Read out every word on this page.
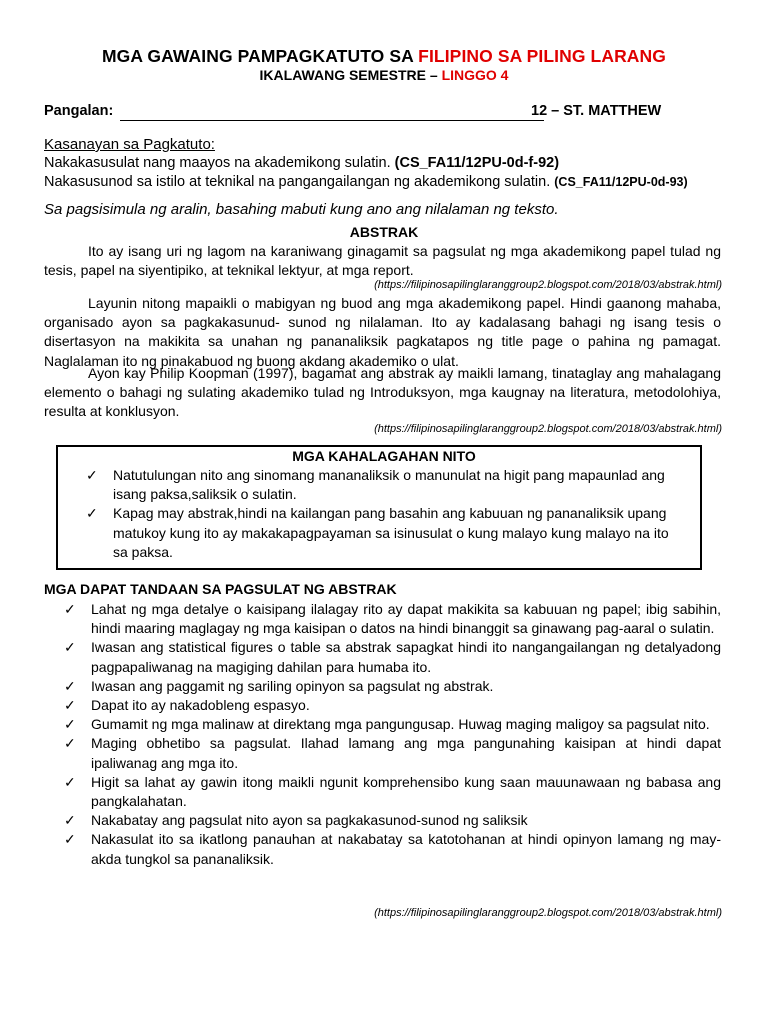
MGA GAWAING PAMPAGKATUTO SA FILIPINO SA PILING LARANG
IKALAWANG SEMESTRE – LINGGO 4
Pangalan:	12 – ST. MATTHEW
Kasanayan sa Pagkatuto:
Nakakasusulat nang maayos na akademikong sulatin. (CS_FA11/12PU-0d-f-92)
Nakasusunod sa istilo at teknikal na pangangailangan ng akademikong sulatin. (CS_FA11/12PU-0d-93)
Sa pagsisimula ng aralin, basahing mabuti kung ano ang nilalaman ng teksto.
ABSTRAK

Ito ay isang uri ng lagom na karaniwang ginagamit sa pagsulat ng mga akademikong papel tulad ng tesis, papel na siyentipiko, at teknikal lektyur, at mga report.

(https://filipinosapilinglaranggroup2.blogspot.com/2018/03/abstrak.html)

Layunin nitong mapaikli o mabigyan ng buod ang mga akademikong papel. Hindi gaanong mahaba, organisado ayon sa pagkakasunud- sunod ng nilalaman. Ito ay kadalasang bahagi ng isang tesis o disertasyon na makikita sa unahan ng pananaliksik pagkatapos ng title page o pahina ng pamagat. Naglalaman ito ng pinakabuod ng buong akdang akademiko o ulat.

Ayon kay Philip Koopman (1997), bagamat ang abstrak ay maikli lamang, tinataglay ang mahalagang elemento o bahagi ng sulating akademiko tulad ng Introduksyon, mga kaugnay na literatura, metodolohiya, resulta at konklusyon.

(https://filipinosapilinglaranggroup2.blogspot.com/2018/03/abstrak.html)
MGA KAHALAGAHAN NITO
✓ Natutulungan nito ang sinomang mananaliksik o manunulat na higit pang mapaunlad ang isang paksa,saliksik o sulatin.
✓ Kapag may abstrak,hindi na kailangan pang basahin ang kabuuan ng pananaliksik upang matukoy kung ito ay makakapagpayaman sa isinusulat o kung malayo kung malayo na ito sa paksa.
MGA DAPAT TANDAAN SA PAGSULAT NG ABSTRAK
✓ Lahat ng mga detalye o kaisipang ilalagay rito ay dapat makikita sa kabuuan ng papel; ibig sabihin, hindi maaring maglagay ng mga kaisipan o datos na hindi binanggit sa ginawang pag-aaral o sulatin.
✓ Iwasan ang statistical figures o table sa abstrak sapagkat hindi ito nangangailangan ng detalyadong pagpapaliwanag na magiging dahilan para humaba ito.
✓ Iwasan ang paggamit ng sariling opinyon sa pagsulat ng abstrak.
✓ Dapat ito ay nakadobleng espasyo.
✓ Gumamit ng mga malinaw at direktang mga pangungusap. Huwag maging maligoy sa pagsulat nito.
✓ Maging obhetibo sa pagsulat. Ilahad lamang ang mga pangunahing kaisipan at hindi dapat ipaliwanag ang mga ito.
✓ Higit sa lahat ay gawin itong maikli ngunit komprehensibo kung saan mauunawaan ng babasa ang pangkalahatan.
✓ Nakabatay ang pagsulat nito ayon sa pagkakasunod-sunod ng saliksik
✓ Nakasulat ito sa ikatlong panauhan at nakabatay sa katotohanan at hindi opinyon lamang ng may-akda tungkol sa pananaliksik.
(https://filipinosapilinglaranggroup2.blogspot.com/2018/03/abstrak.html)
